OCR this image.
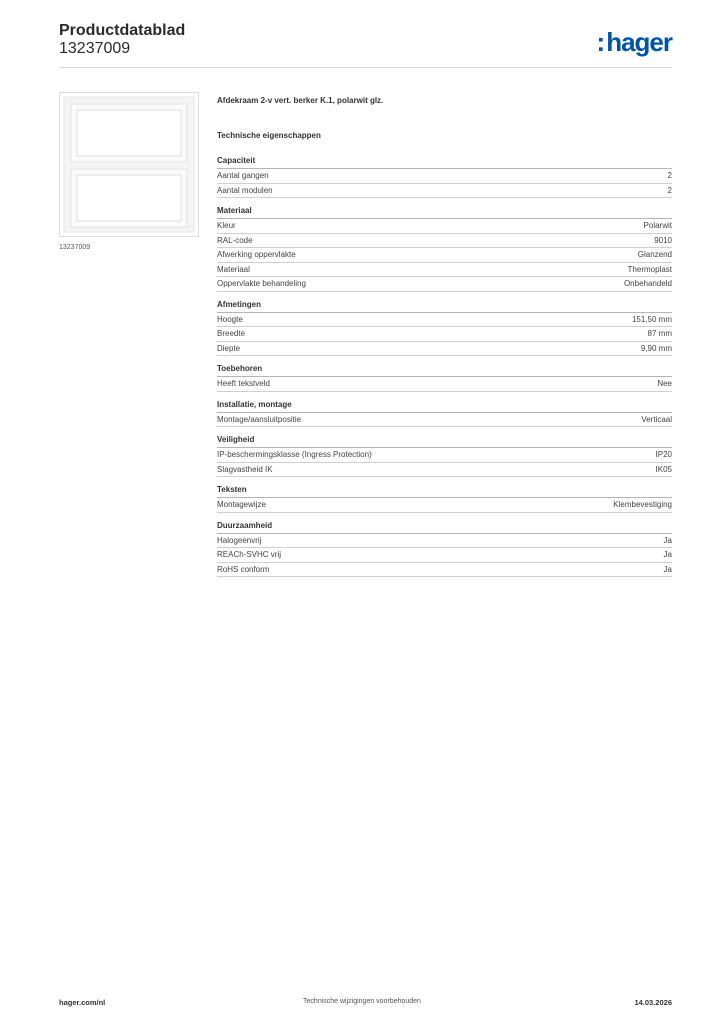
Productdatablad
13237009	:hager
13237009
Afdekraam 2-v vert. berker K.1, polarwit glz.
Technische eigenschappen
Capaciteit
Aantal gangen	2
Aantal modulen	2
Materiaal
Kleur	Polarwit
RAL-code	9010
Afwerking oppervlakte	Glanzend
Materiaal	Thermoplast
Oppervlakte behandeling	Onbehandeld
Afmetingen
Hoogte	151,50 mm
Breedte	87 mm
Diepte	9,90 mm
Toebehoren
Heeft tekstveld	Nee
Installatie, montage
Montage/aansluitpositie	Verticaal
Veiligheid
IP-beschermingsklasse (Ingress Protection)	IP20
Slagvastheid IK	IK05
Teksten
Montagewijze	Klembevestiging
Duurzaamheid
Halogeenvrij	Ja
REACh-SVHC vrij	Ja
RoHS conform	Ja
hager.com/nl	Technische wijzigingen voorbehouden	14.03.2026
